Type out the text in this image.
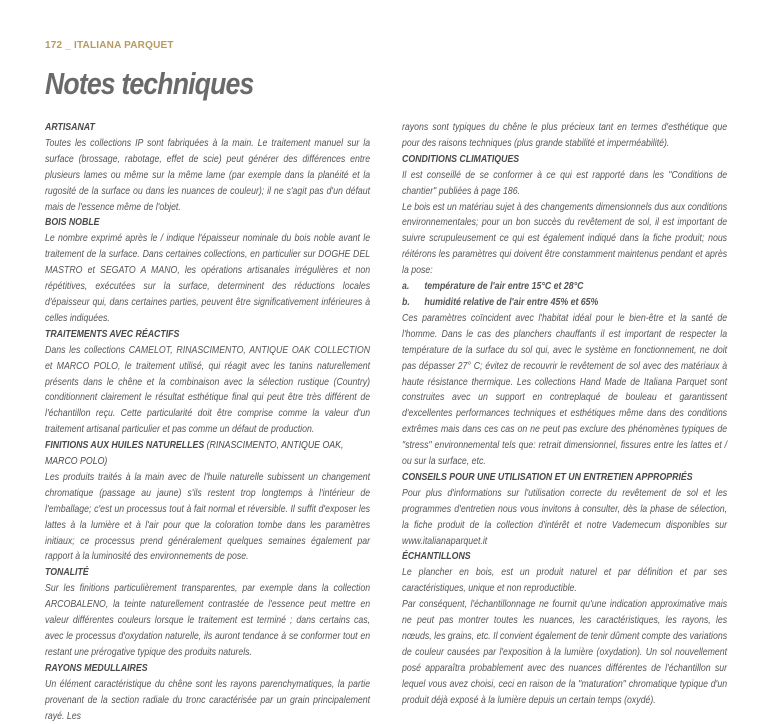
172 _ ITALIANA PARQUET
Notes techniques
ARTISANAT

Toutes les collections IP sont fabriquées à la main. Le traitement manuel sur la surface (brossage, rabotage, effet de scie) peut générer des différences entre plusieurs lames ou même sur la même lame (par exemple dans la planéité et la rugosité de la surface ou dans les nuances de couleur); il ne s'agit pas d'un défaut mais de l'essence même de l'objet.

BOIS NOBLE

Le nombre exprimé après le / indique l'épaisseur nominale du bois noble avant le traitement de la surface. Dans certaines collections, en particulier sur DOGHE DEL MASTRO et SEGATO A MANO, les opérations artisanales irrégulières et non répétitives, exécutées sur la surface, determinent des réductions locales d'épaisseur qui, dans certaines parties, peuvent être significativement inférieures à celles indiquées.

TRAITEMENTS AVEC RÉACTIFS

Dans les collections CAMELOT, RINASCIMENTO, ANTIQUE OAK COLLECTION et MARCO POLO, le traitement utilisé, qui réagit avec les tanins naturellement présents dans le chêne et la combinaison avec la sélection rustique (Country) conditionnent clairement le résultat esthétique final qui peut être très différent de l'échantillon reçu. Cette particularité doit être comprise comme la valeur d'un traitement artisanal particulier et pas comme un défaut de production.

FINITIONS AUX HUILES NATURELLES (RINASCIMENTO, ANTIQUE OAK, MARCO POLO)

Les produits traités à la main avec de l'huile naturelle subissent un changement chromatique (passage au jaune) s'ils restent trop longtemps à l'intérieur de l'emballage; c'est un processus tout à fait normal et réversible. Il suffit d'exposer les lattes à la lumière et à l'air pour que la coloration tombe dans les paramètres initiaux; ce processus prend généralement quelques semaines également par rapport à la luminosité des environnements de pose.

TONALITÉ

Sur les finitions particulièrement transparentes, par exemple dans la collection ARCOBALENO, la teinte naturellement contrastée de l'essence peut mettre en valeur différentes couleurs lorsque le traitement est terminé ; dans certains cas, avec le processus d'oxydation naturelle, ils auront tendance à se conformer tout en restant une prérogative typique des produits naturels.

RAYONS MEDULLAIRES

Un élément caractéristique du chêne sont les rayons parenchymatiques, la partie provenant de la section radiale du tronc caractérisée par un grain principalement rayé. Les

rayons sont typiques du chêne le plus précieux tant en termes d'esthétique que pour des raisons techniques (plus grande stabilité et imperméabilité).

CONDITIONS CLIMATIQUES

Il est conseillé de se conformer à ce qui est rapporté dans les "Conditions de chantier" publiées à page 186.

Le bois est un matériau sujet à des changements dimensionnels dus aux conditions environnementales; pour un bon succès du revêtement de sol, il est important de suivre scrupuleusement ce qui est également indiqué dans la fiche produit; nous réitérons les paramètres qui doivent être constamment maintenus pendant et après la pose:

a. température de l'air entre 15°C et 28°C
b. humidité relative de l'air entre 45% et 65%

Ces paramètres coïncident avec l'habitat idéal pour le bien-être et la santé de l'homme. Dans le cas des planchers chauffants il est important de respecter la température de la surface du sol qui, avec le système en fonctionnement, ne doit pas dépasser 27° C; évitez de recouvrir le revêtement de sol avec des matériaux à haute résistance thermique. Les collections Hand Made de Italiana Parquet sont construites avec un support en contreplaqué de bouleau et garantissent d'excellentes performances techniques et esthétiques même dans des conditions extrêmes mais dans ces cas on ne peut pas exclure des phénomènes typiques de "stress" environnemental tels que: retrait dimensionnel, fissures entre les lattes et / ou sur la surface, etc.

CONSEILS POUR UNE UTILISATION ET UN ENTRETIEN APPROPRIÉS

Pour plus d'informations sur l'utilisation correcte du revêtement de sol et les programmes d'entretien nous vous invitons à consulter, dès la phase de sélection, la fiche produit de la collection d'intérêt et notre Vademecum disponibles sur www.italianaparquet.it

ÉCHANTILLONS

Le plancher en bois, est un produit naturel et par définition et par ses caractéristiques, unique et non reproductible.

Par conséquent, l'échantillonnage ne fournit qu'une indication approximative mais ne peut pas montrer toutes les nuances, les caractéristiques, les rayons, les nœuds, les grains, etc. Il convient également de tenir dûment compte des variations de couleur causées par l'exposition à la lumière (oxydation). Un sol nouvellement posé apparaîtra probablement avec des nuances différentes de l'échantillon sur lequel vous avez choisi, ceci en raison de la "maturation" chromatique typique d'un produit déjà exposé à la lumière depuis un certain temps (oxydé).
